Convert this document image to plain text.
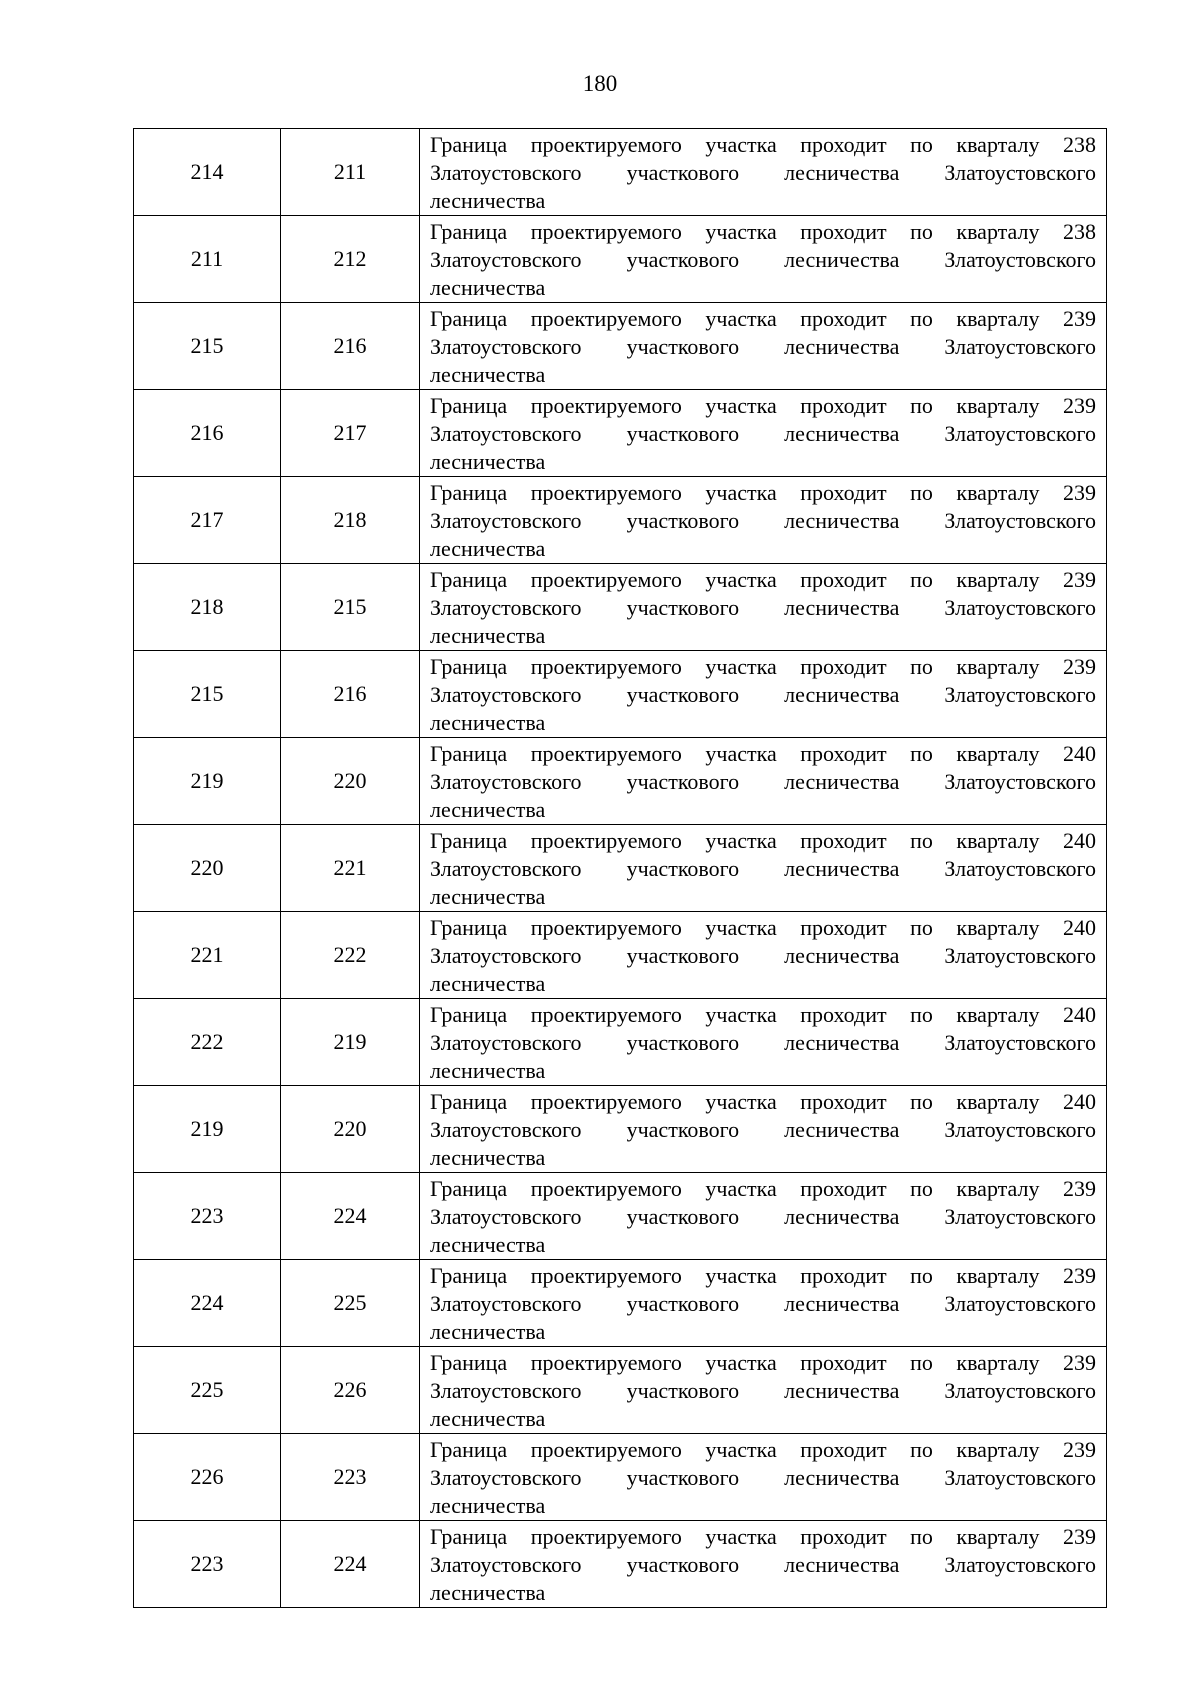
180
214	211	Граница проектируемого участка проходит по кварталу 238
Златоустовского участкового лесничества Златоустовского
лесничества

211	212	Граница проектируемого участка проходит по кварталу 238
Златоустовского участкового лесничества Златоустовского
лесничества

215	216	Граница проектируемого участка проходит по кварталу 239
Златоустовского участкового лесничества Златоустовского
лесничества

216	217	Граница проектируемого участка проходит по кварталу 239
Златоустовского участкового лесничества Златоустовского
лесничества

217	218	Граница проектируемого участка проходит по кварталу 239
Златоустовского участкового лесничества Златоустовского
лесничества

218	215	Граница проектируемого участка проходит по кварталу 239
Златоустовского участкового лесничества Златоустовского
лесничества

215	216	Граница проектируемого участка проходит по кварталу 239
Златоустовского участкового лесничества Златоустовского
лесничества

219	220	Граница проектируемого участка проходит по кварталу 240
Златоустовского участкового лесничества Златоустовского
лесничества

220	221	Граница проектируемого участка проходит по кварталу 240
Златоустовского участкового лесничества Златоустовского
лесничества

221	222	Граница проектируемого участка проходит по кварталу 240
Златоустовского участкового лесничества Златоустовского
лесничества

222	219	Граница проектируемого участка проходит по кварталу 240
Златоустовского участкового лесничества Златоустовского
лесничества

219	220	Граница проектируемого участка проходит по кварталу 240
Златоустовского участкового лесничества Златоустовского
лесничества

223	224	Граница проектируемого участка проходит по кварталу 239
Златоустовского участкового лесничества Златоустовского
лесничества

224	225	Граница проектируемого участка проходит по кварталу 239
Златоустовского участкового лесничества Златоустовского
лесничества

225	226	Граница проектируемого участка проходит по кварталу 239
Златоустовского участкового лесничества Златоустовского
лесничества

226	223	Граница проектируемого участка проходит по кварталу 239
Златоустовского участкового лесничества Златоустовского
лесничества

223	224	Граница проектируемого участка проходит по кварталу 239
Златоустовского участкового лесничества Златоустовского
лесничества
